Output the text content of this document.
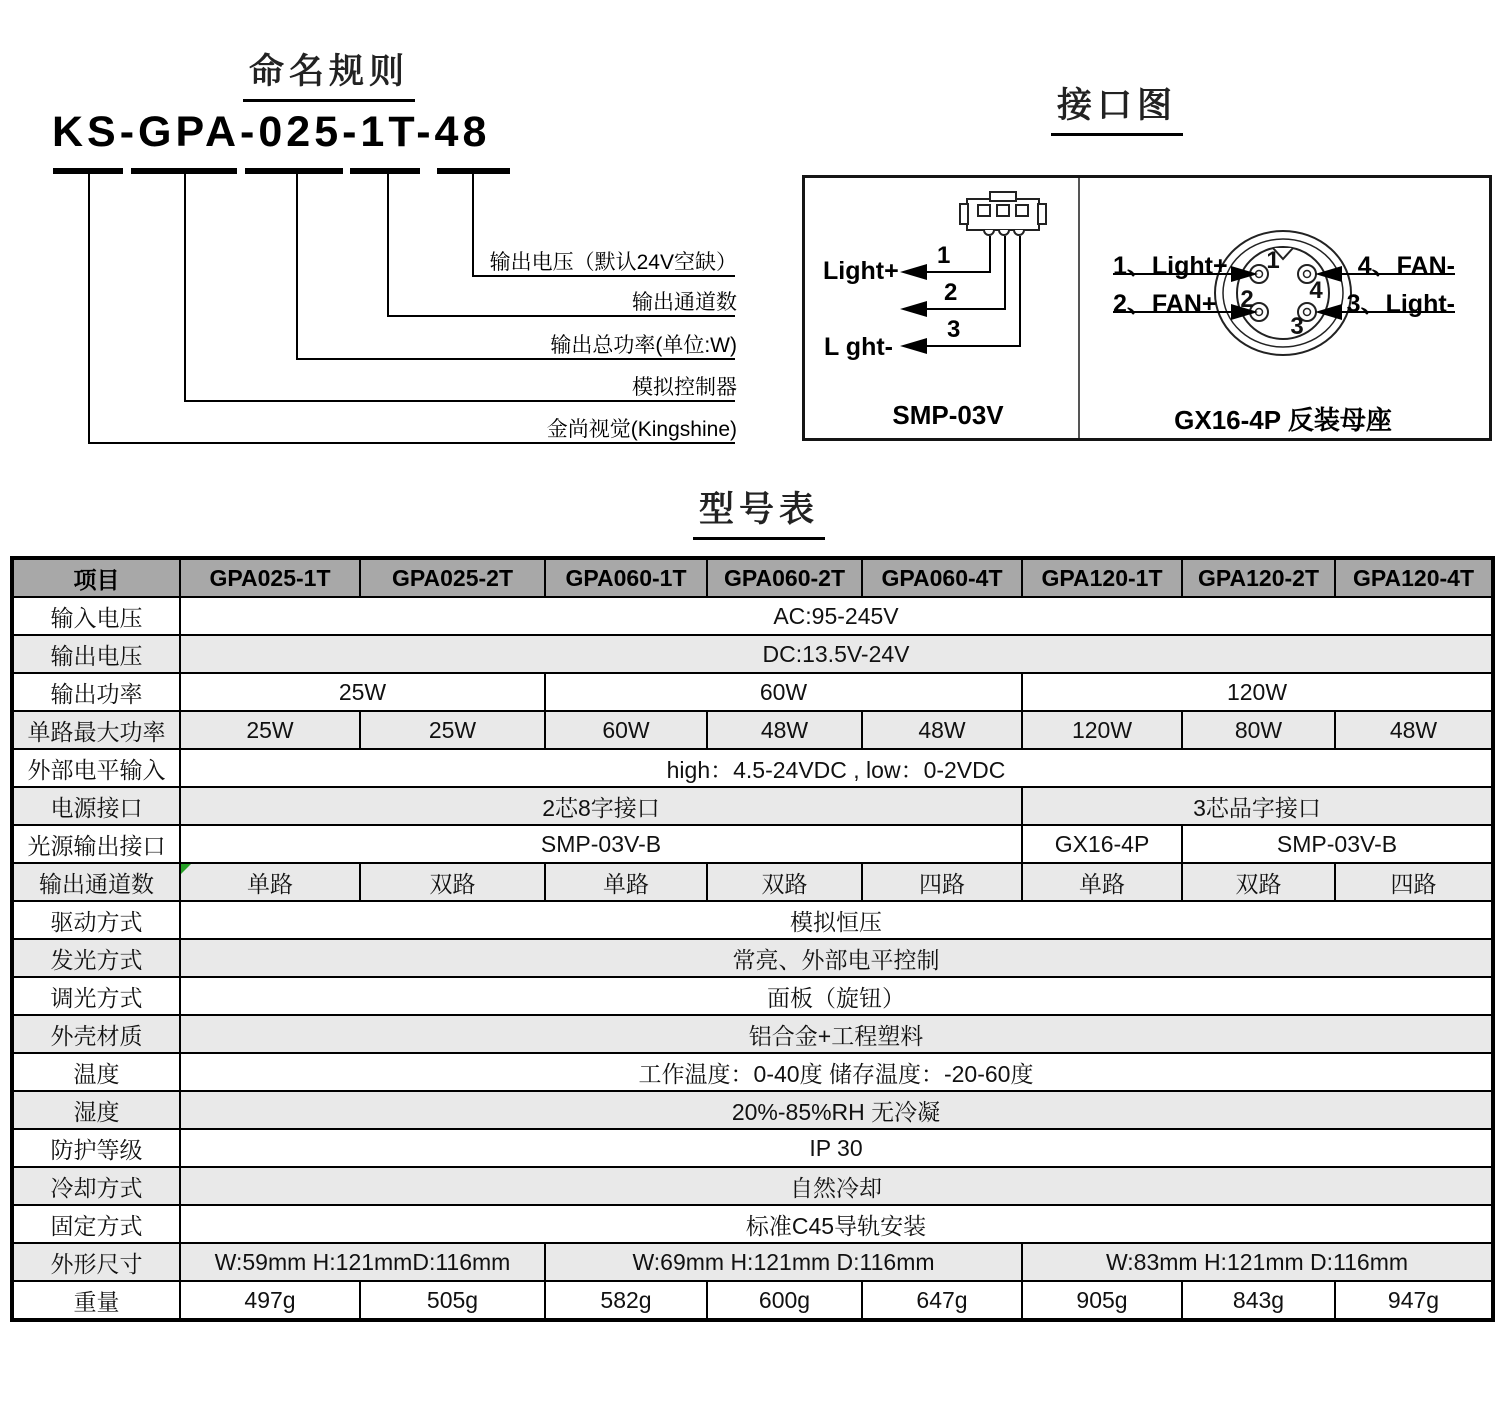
命名规则
KS-GPA-025-1T-48
输出电压（默认24V空缺）
输出通道数
输出总功率(单位:W)
模拟控制器
金尚视觉(Kingshine)
接口图
1
2
3
Light+
L ght-
SMP-03V
1
4
2
3
1、Light+
2、FAN+
4、FAN-
3、Light-
GX16-4P 反装母座
型号表
项目	GPA025-1T	GPA025-2T	GPA060-1T	GPA060-2T	GPA060-4T	GPA120-1T	GPA120-2T	GPA120-4T
输入电压	AC:95-245V							
输出电压	DC:13.5V-24V							
输出功率	25W		60W			120W		
单路最大功率	25W	25W	60W	48W	48W	120W	80W	48W
外部电平输入	high：4.5-24VDC , low：0-2VDC							
电源接口	2芯8字接口					3芯品字接口		
光源输出接口	SMP-03V-B					GX16-4P	SMP-03V-B	
输出通道数	单路	双路	单路	双路	四路	单路	双路	四路
驱动方式	模拟恒压							
发光方式	常亮、外部电平控制							
调光方式	面板（旋钮）							
外壳材质	铝合金+工程塑料							
温度	工作温度：0-40度 储存温度：-20-60度							
湿度	20%-85%RH 无冷凝							
防护等级	IP 30							
冷却方式	自然冷却							
固定方式	标准C45导轨安装							
外形尺寸	W:59mm H:121mmD:116mm		W:69mm H:121mm D:116mm			W:83mm H:121mm D:116mm		
重量	497g	505g	582g	600g	647g	905g	843g	947g
